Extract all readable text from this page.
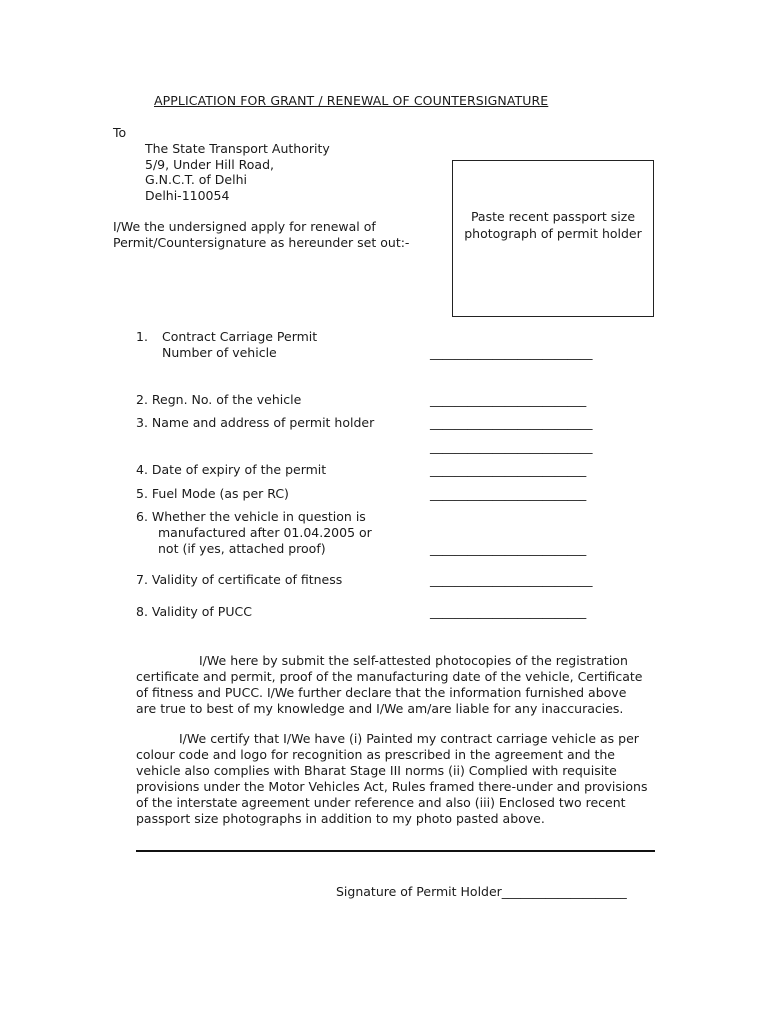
APPLICATION FOR GRANT / RENEWAL OF COUNTERSIGNATURE
To
The State Transport Authority
5/9, Under Hill Road,
G.N.C.T. of Delhi
Delhi-110054
I/We the undersigned apply for renewal of
Permit/Countersignature as hereunder set out:-
Paste recent passport size
photograph of permit holder
1. Contract Carriage Permit
Number of vehicle	__________________________
2. Regn. No. of the vehicle	_________________________
3. Name and address of permit holder	__________________________
__________________________
4. Date of expiry of the permit	_________________________
5. Fuel Mode (as per RC)	_________________________
6. Whether the vehicle in question is
manufactured after 01.04.2005 or
not (if yes, attached proof)	_________________________
7. Validity of certificate of fitness	__________________________
8. Validity of PUCC	_________________________
I/We here by submit the self-attested photocopies of the registration
certificate and permit, proof of the manufacturing date of the vehicle, Certificate
of fitness and PUCC. I/We further declare that the information furnished above
are true to best of my knowledge and I/We am/are liable for any inaccuracies.
I/We certify that I/We have (i) Painted my contract carriage vehicle as per
colour code and logo for recognition as prescribed in the agreement and the
vehicle also complies with Bharat Stage III norms (ii) Complied with requisite
provisions under the Motor Vehicles Act, Rules framed there-under and provisions
of the interstate agreement under reference and also (iii) Enclosed two recent
passport size photographs in addition to my photo pasted above.
Signature of Permit Holder____________________
